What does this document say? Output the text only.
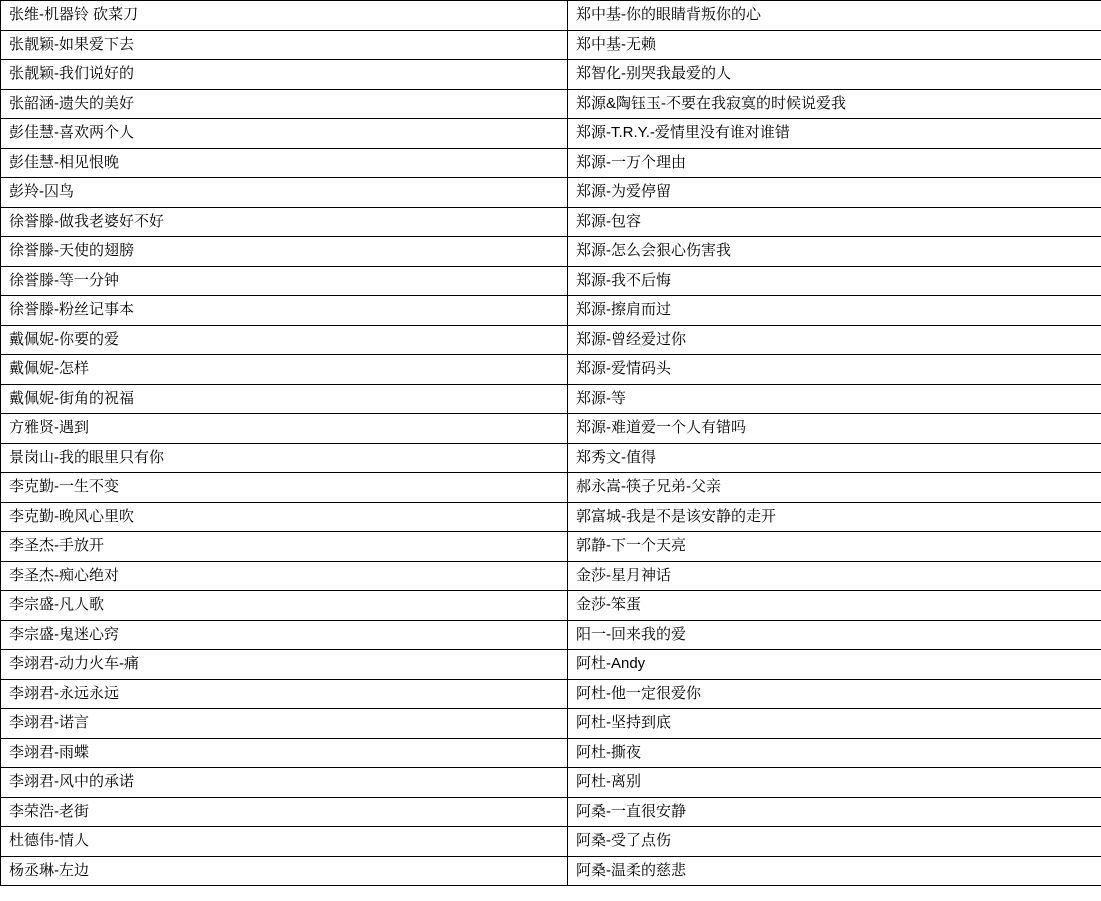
张维-机器铃 砍菜刀	郑中基-你的眼睛背叛你的心
张靓颖-如果爱下去	郑中基-无赖
张靓颖-我们说好的	郑智化-别哭我最爱的人
张韶涵-遗失的美好	郑源&陶钰玉-不要在我寂寞的时候说爱我
彭佳慧-喜欢两个人	郑源-T.R.Y.-爱情里没有谁对谁错
彭佳慧-相见恨晚	郑源-一万个理由
彭羚-囚鸟	郑源-为爱停留
徐誉滕-做我老婆好不好	郑源-包容
徐誉滕-天使的翅膀	郑源-怎么会狠心伤害我
徐誉滕-等一分钟	郑源-我不后悔
徐誉滕-粉丝记事本	郑源-擦肩而过
戴佩妮-你要的爱	郑源-曾经爱过你
戴佩妮-怎样	郑源-爱情码头
戴佩妮-街角的祝福	郑源-等
方雅贤-遇到	郑源-难道爱一个人有错吗
景岗山-我的眼里只有你	郑秀文-值得
李克勤-一生不变	郝永嵩-筷子兄弟-父亲
李克勤-晚风心里吹	郭富城-我是不是该安静的走开
李圣杰-手放开	郭静-下一个天亮
李圣杰-痴心绝对	金莎-星月神话
李宗盛-凡人歌	金莎-笨蛋
李宗盛-鬼迷心窍	阳一-回来我的爱
李翊君-动力火车-痛	阿杜-Andy
李翊君-永远永远	阿杜-他一定很爱你
李翊君-诺言	阿杜-坚持到底
李翊君-雨蝶	阿杜-撕夜
李翊君-风中的承诺	阿杜-离别
李荣浩-老街	阿桑-一直很安静
杜德伟-情人	阿桑-受了点伤
杨丞琳-左边	阿桑-温柔的慈悲
